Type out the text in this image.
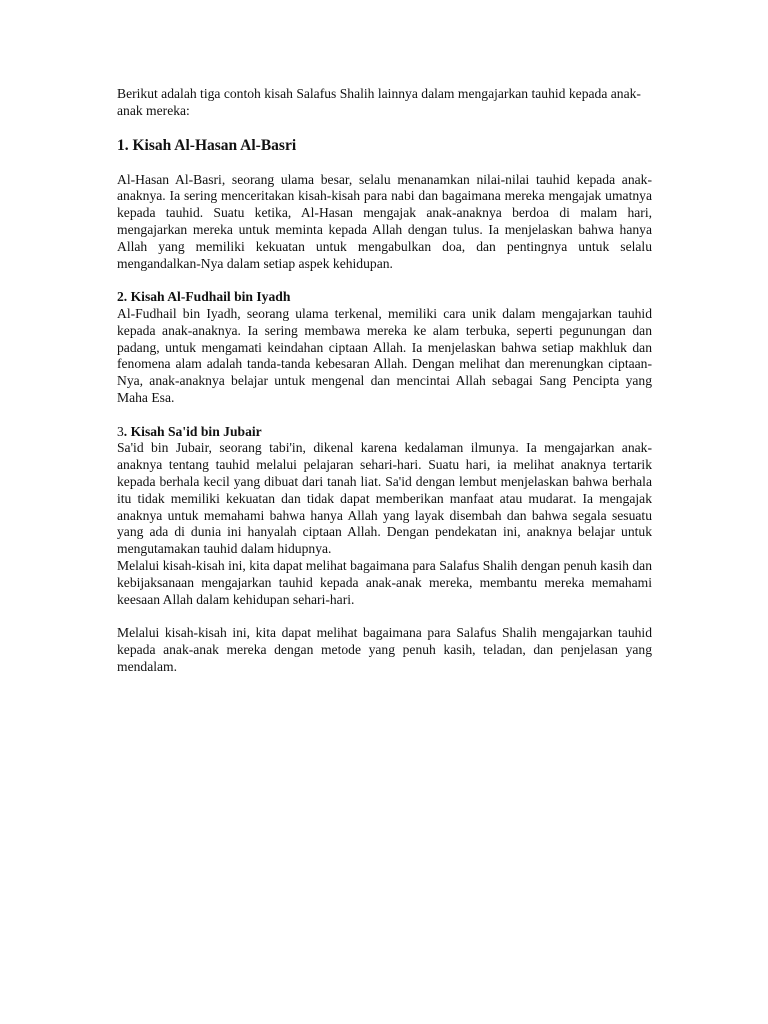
Berikut adalah tiga contoh kisah Salafus Shalih lainnya dalam mengajarkan tauhid kepada anak-anak mereka:

1. Kisah Al-Hasan Al-Basri

Al-Hasan Al-Basri, seorang ulama besar, selalu menanamkan nilai-nilai tauhid kepada anak-anaknya. Ia sering menceritakan kisah-kisah para nabi dan bagaimana mereka mengajak umatnya kepada tauhid. Suatu ketika, Al-Hasan mengajak anak-anaknya berdoa di malam hari, mengajarkan mereka untuk meminta kepada Allah dengan tulus. Ia menjelaskan bahwa hanya Allah yang memiliki kekuatan untuk mengabulkan doa, dan pentingnya untuk selalu mengandalkan-Nya dalam setiap aspek kehidupan.

2. Kisah Al-Fudhail bin Iyadh

Al-Fudhail bin Iyadh, seorang ulama terkenal, memiliki cara unik dalam mengajarkan tauhid kepada anak-anaknya. Ia sering membawa mereka ke alam terbuka, seperti pegunungan dan padang, untuk mengamati keindahan ciptaan Allah. Ia menjelaskan bahwa setiap makhluk dan fenomena alam adalah tanda-tanda kebesaran Allah. Dengan melihat dan merenungkan ciptaan-Nya, anak-anaknya belajar untuk mengenal dan mencintai Allah sebagai Sang Pencipta yang Maha Esa.

3. Kisah Sa'id bin Jubair

Sa'id bin Jubair, seorang tabi'in, dikenal karena kedalaman ilmunya. Ia mengajarkan anak-anaknya tentang tauhid melalui pelajaran sehari-hari. Suatu hari, ia melihat anaknya tertarik kepada berhala kecil yang dibuat dari tanah liat. Sa'id dengan lembut menjelaskan bahwa berhala itu tidak memiliki kekuatan dan tidak dapat memberikan manfaat atau mudarat. Ia mengajak anaknya untuk memahami bahwa hanya Allah yang layak disembah dan bahwa segala sesuatu yang ada di dunia ini hanyalah ciptaan Allah. Dengan pendekatan ini, anaknya belajar untuk mengutamakan tauhid dalam hidupnya.

Melalui kisah-kisah ini, kita dapat melihat bagaimana para Salafus Shalih dengan penuh kasih dan kebijaksanaan mengajarkan tauhid kepada anak-anak mereka, membantu mereka memahami keesaan Allah dalam kehidupan sehari-hari.

Melalui kisah-kisah ini, kita dapat melihat bagaimana para Salafus Shalih mengajarkan tauhid kepada anak-anak mereka dengan metode yang penuh kasih, teladan, dan penjelasan yang mendalam.
